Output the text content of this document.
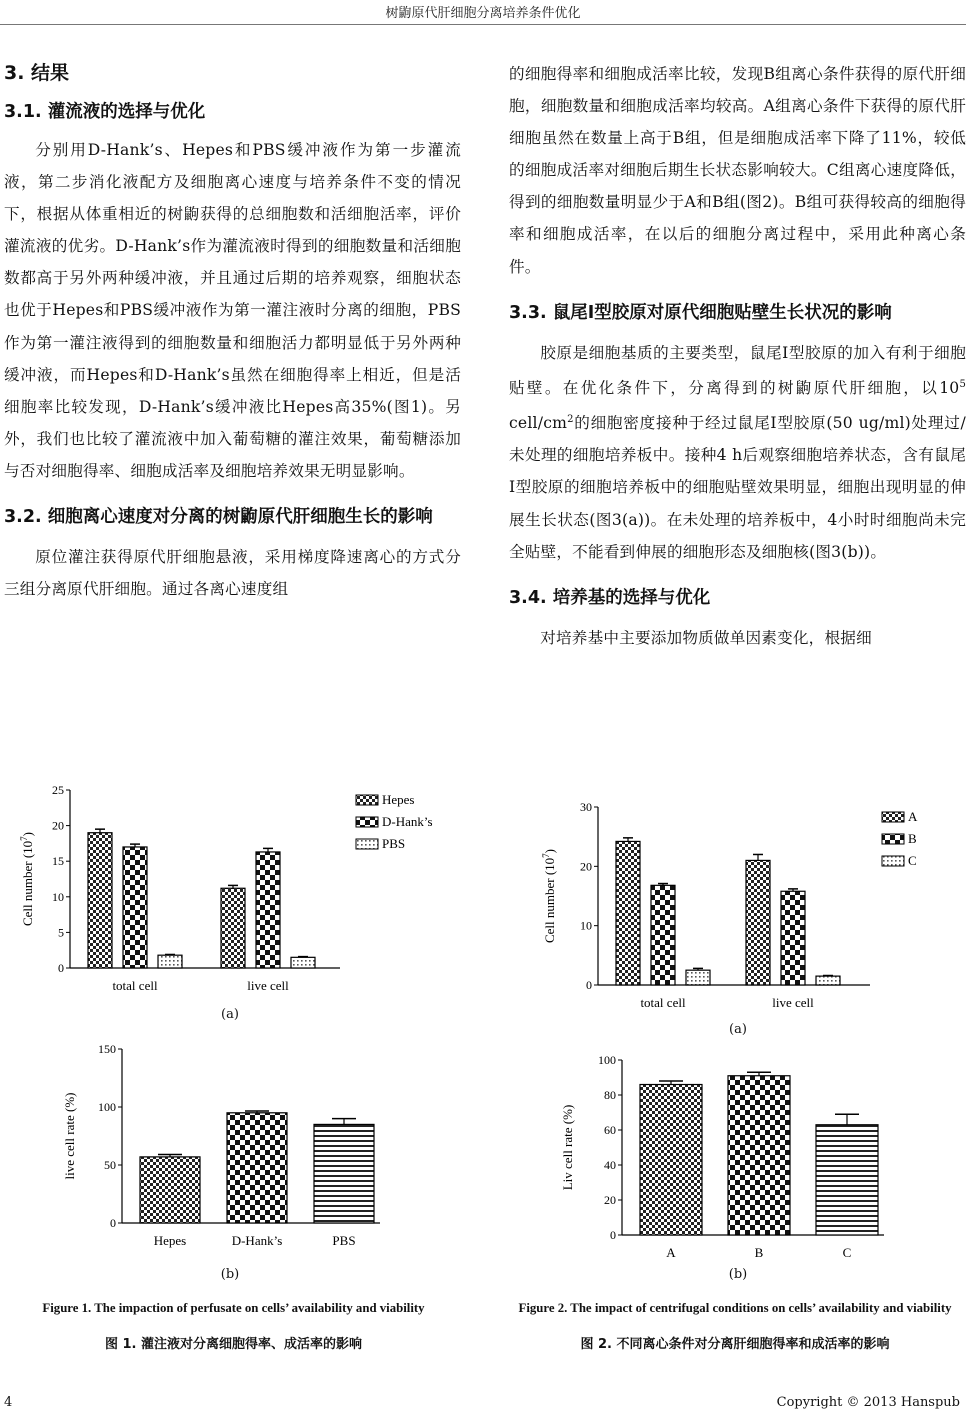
树鼩原代肝细胞分离培养条件优化
3. 结果
3.1. 灌流液的选择与优化

分别用D-Hank’s、Hepes和PBS缓冲液作为第一步灌流液，第二步消化液配方及细胞离心速度与培养条件不变的情况下，根据从体重相近的树鼩获得的总细胞数和活细胞活率，评价灌流液的优劣。D-Hank’s作为灌流液时得到的细胞数量和活细胞数都高于另外两种缓冲液，并且通过后期的培养观察，细胞状态也优于Hepes和PBS缓冲液作为第一灌注液时分离的细胞，PBS作为第一灌注液得到的细胞数量和细胞活力都明显低于另外两种缓冲液，而Hepes和D-Hank’s虽然在细胞得率上相近，但是活细胞率比较发现，D-Hank’s缓冲液比Hepes高35%(图1)。另外，我们也比较了灌流液中加入葡萄糖的灌注效果，葡萄糖添加与否对细胞得率、细胞成活率及细胞培养效果无明显影响。

3.2. 细胞离心速度对分离的树鼩原代肝细胞生长的影响

原位灌注获得原代肝细胞悬液，采用梯度降速离心的方式分三组分离原代肝细胞。通过各离心速度组

的细胞得率和细胞成活率比较，发现B组离心条件获得的原代肝细胞，细胞数量和细胞成活率均较高。A组离心条件下获得的原代肝细胞虽然在数量上高于B组，但是细胞成活率下降了11%，较低的细胞成活率对细胞后期生长状态影响较大。C组离心速度降低，得到的细胞数量明显少于A和B组(图2)。B组可获得较高的细胞得率和细胞成活率，在以后的细胞分离过程中，采用此种离心条件。

3.3. 鼠尾Ⅰ型胶原对原代细胞贴壁生长状况的影响

胶原是细胞基质的主要类型，鼠尾I型胶原的加入有利于细胞贴壁。在优化条件下，分离得到的树鼩原代肝细胞，以$10^5$ cell/$cm^2$的细胞密度接种于经过鼠尾I型胶原(50 ug/ml)处理过/未处理的细胞培养板中。接种4 h后观察细胞培养状态，含有鼠尾I型胶原的细胞培养板中的细胞贴壁效果明显，细胞出现明显的伸展生长状态(图3(a))。在未处理的培养板中，4小时时细胞尚未完全贴壁，不能看到伸展的细胞形态及细胞核(图3(b))。

3.4. 培养基的选择与优化

对培养基中主要添加物质做单因素变化，根据细

0
5
10
15
20
25
Cell number $(10^7)$
total cell	live cell
Hepes
D-Hank’s
PBS
0
50
100
150
live cell rate (%)
Hepes	D-Hank’s	PBS
(a)
(b)
Figure 1. The impaction of perfusate on cells’ availability and viability
图 1. 灌注液对分离细胞得率、成活率的影响
0
10
20
30
Cell number $(10^7)$
total cell	live cell
A
B
C
0
20
40
60
80
100
Liv cell rate (%)
A	B	C
(a)
(b)
Figure 2. The impact of centrifugal conditions on cells’ availability and viability
图 2. 不同离心条件对分离肝细胞得率和成活率的影响
4	Copyright © 2013 Hanspub
